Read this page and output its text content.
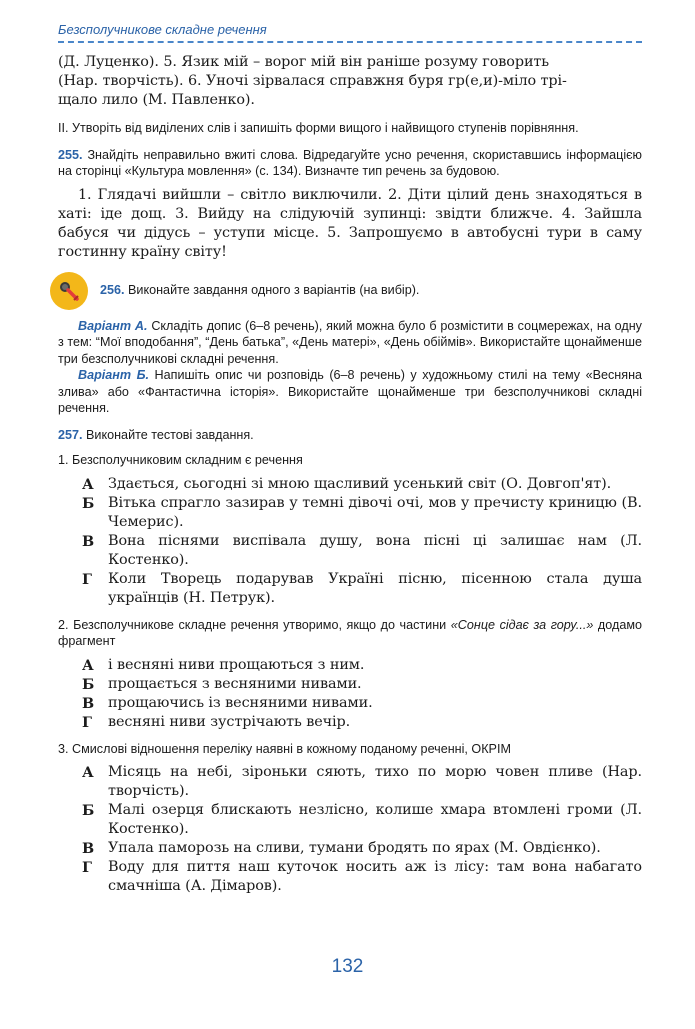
Безсполучникове складне речення
(Д. Луценко). 5. Язик мій – ворог мій він раніше розуму говорить
(Нар. творчість). 6. Уночі зірвалася справжня буря гр(е,и)-міло трі-
щало лило (М. Павленко).
II. Утворіть від виділених слів і запишіть форми вищого і найвищого ступенів порівняння.
255. Знайдіть неправильно вжиті слова. Відредагуйте усно речення, скориставшись інформацією на сторінці «Культура мовлення» (с. 134). Визначте тип речень за будовою.
1. Глядачі вийшли – світло виключили. 2. Діти цілий день знаходяться в хаті: іде дощ. 3. Вийду на слідуючій зупинці: звідти ближче. 4. Зайшла бабуся чи дідусь – уступи місце. 5. Запрошуємо в автобусні тури в саму гостинну країну світу!
256. Виконайте завдання одного з варіантів (на вибір).
Варіант А. Складіть допис (6–8 речень), який можна було б розмістити в соцмережах, на одну з тем: “Мої вподобання”, “День батька”, «День матері», «День обіймів». Використайте щонайменше три безсполучникові складні речення.
Варіант Б. Напишіть опис чи розповідь (6–8 речень) у художньому стилі на тему «Весняна злива» або «Фантастична історія». Використайте щонайменше три безсполучникові складні речення.
257. Виконайте тестові завдання.
1. Безсполучниковим складним є речення
А Здається, сьогодні зі мною щасливий усенький світ (О. Довгоп'ят).
Б Вітька спрагло зазирав у темні дівочі очі, мов у пречисту криницю (В. Чемерис).
В Вона піснями виспівала душу, вона пісні ці залишає нам (Л. Костенко).
Г	Коли Творець подарував Україні пісню, пісенною стала душа українців (Н. Петрук).
2. Безсполучникове складне речення утворимо, якщо до частини «Сонце сідає за гору...» додамо фрагмент
А і весняні ниви прощаються з ним.
Б прощається з весняними нивами.
В прощаючись із весняними нивами.
Г	весняні ниви зустрічають вечір.
3. Смислові відношення переліку наявні в кожному поданому реченні, ОКРІМ
А Місяць на небі, зіроньки сяють, тихо по морю човен пливе (Нар. творчість).
Б Малі озерця блискають незлісно, колише хмара втомлені громи (Л. Костенко).
В Упала паморозь на сливи, тумани бродять по ярах (М. Овдієнко).
Г	Воду для пиття наш куточок носить аж із лісу: там вона набагато смачніша (А. Дімаров).
132
